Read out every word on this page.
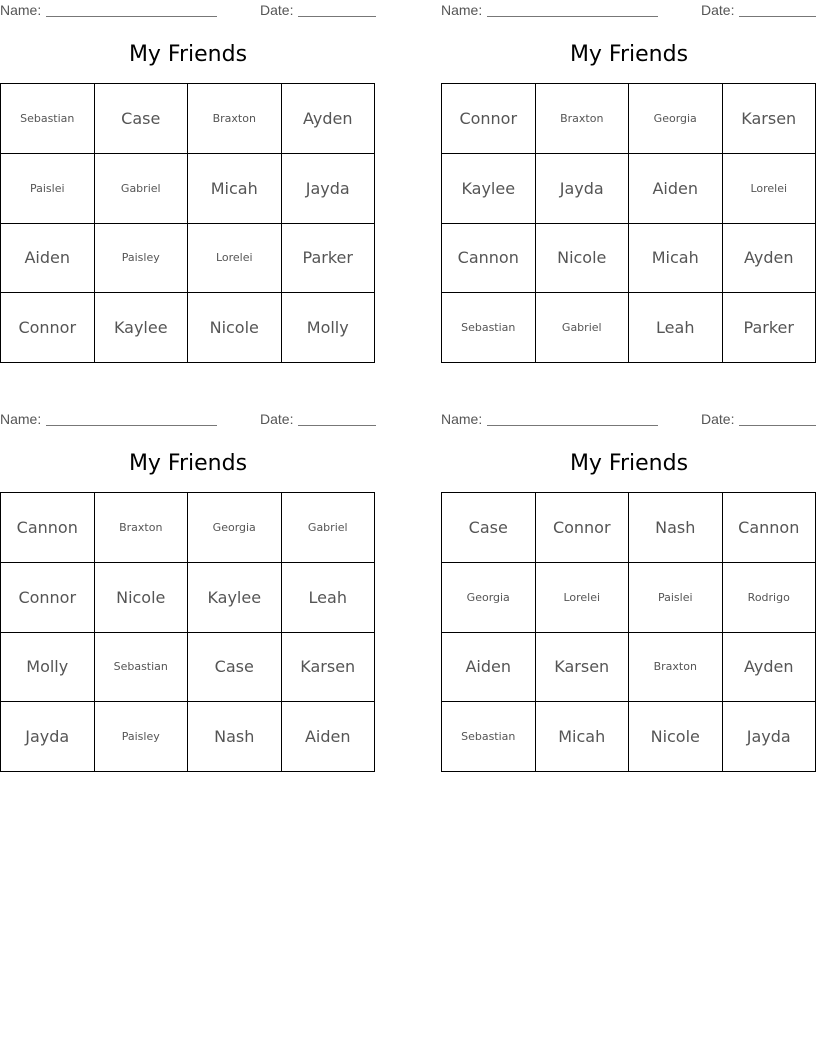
Name:	Date:
My Friends
Sebastian	Case	Braxton	Ayden
Paislei	Gabriel	Micah	Jayda
Aiden	Paisley	Lorelei	Parker
Connor	Kaylee	Nicole	Molly
Name:	Date:
My Friends
Connor	Braxton	Georgia	Karsen
Kaylee	Jayda	Aiden	Lorelei
Cannon	Nicole	Micah	Ayden
Sebastian	Gabriel	Leah	Parker
Name:	Date:
My Friends
Cannon	Braxton	Georgia	Gabriel
Connor	Nicole	Kaylee	Leah
Molly	Sebastian	Case	Karsen
Jayda	Paisley	Nash	Aiden
Name:	Date:
My Friends
Case	Connor	Nash	Cannon
Georgia	Lorelei	Paislei	Rodrigo
Aiden	Karsen	Braxton	Ayden
Sebastian	Micah	Nicole	Jayda
